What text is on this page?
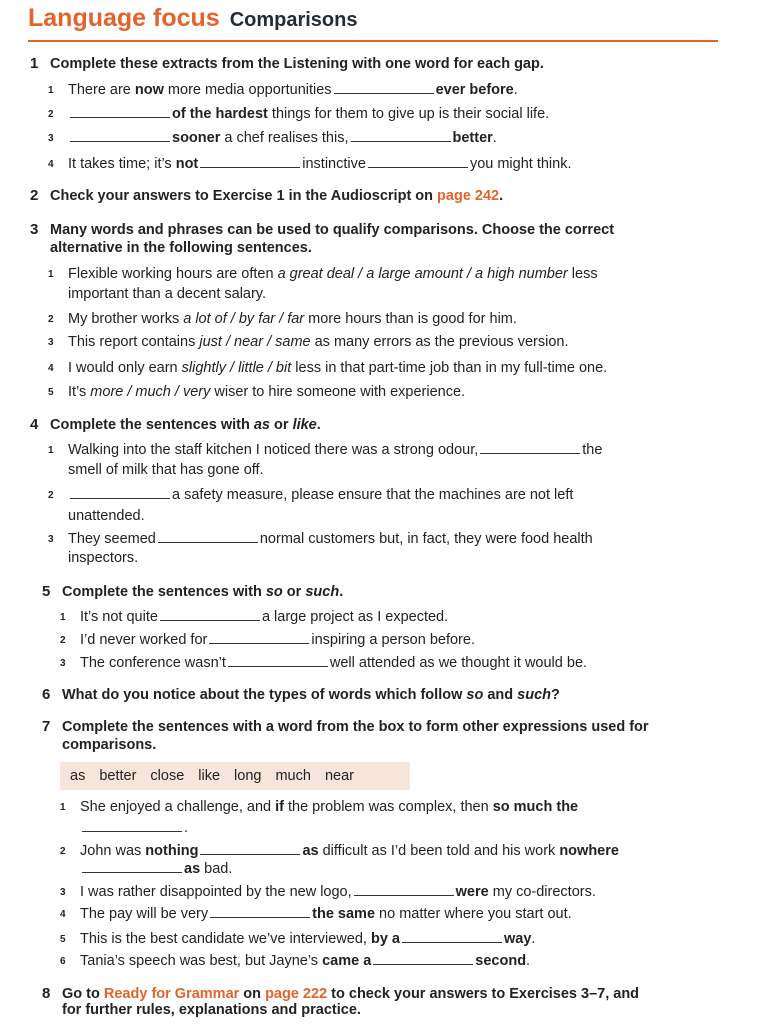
Language focus Comparisons
1 Complete these extracts from the Listening with one word for each gap.
1 There are now more media opportunities	ever before.
2	of the hardest things for them to give up is their social life.
3	sooner a chef realises this,	better.
4 It takes time; it’s not	instinctive	you might think.
2 Check your answers to Exercise 1 in the Audioscript on page 242.
3 Many words and phrases can be used to qualify comparisons. Choose the correct
alternative in the following sentences.
1 Flexible working hours are often a great deal / a large amount / a high number less
important than a decent salary.
2 My brother works a lot of / by far / far more hours than is good for him.
3 This report contains just / near / same as many errors as the previous version.
4 I would only earn slightly / little / bit less in that part-time job than in my full-time one.
5 It’s more / much / very wiser to hire someone with experience.
4 Complete the sentences with as or like.
1 Walking into the staff kitchen I noticed there was a strong odour,	the
smell of milk that has gone off.
2	a safety measure, please ensure that the machines are not left
unattended.
3 They seemed	normal customers but, in fact, they were food health
inspectors.
5 Complete the sentences with so or such.
1 It’s not quite	a large project as I expected.
2 I’d never worked for	inspiring a person before.
3 The conference wasn’t	well attended as we thought it would be.
6 What do you notice about the types of words which follow so and such?
7 Complete the sentences with a word from the box to form other expressions used for
comparisons.
as better close like long much near
1 She enjoyed a challenge, and if the problem was complex, then so much the
.
2 John was nothing	as difficult as I’d been told and his work nowhere
as bad.
3 I was rather disappointed by the new logo,	were my co-directors.
4 The pay will be very	the same no matter where you start out.
5 This is the best candidate we’ve interviewed, by a	way.
6 Tania’s speech was best, but Jayne’s came a	second.
8 Go to Ready for Grammar on page 222 to check your answers to Exercises 3–7, and
for further rules, explanations and practice.
